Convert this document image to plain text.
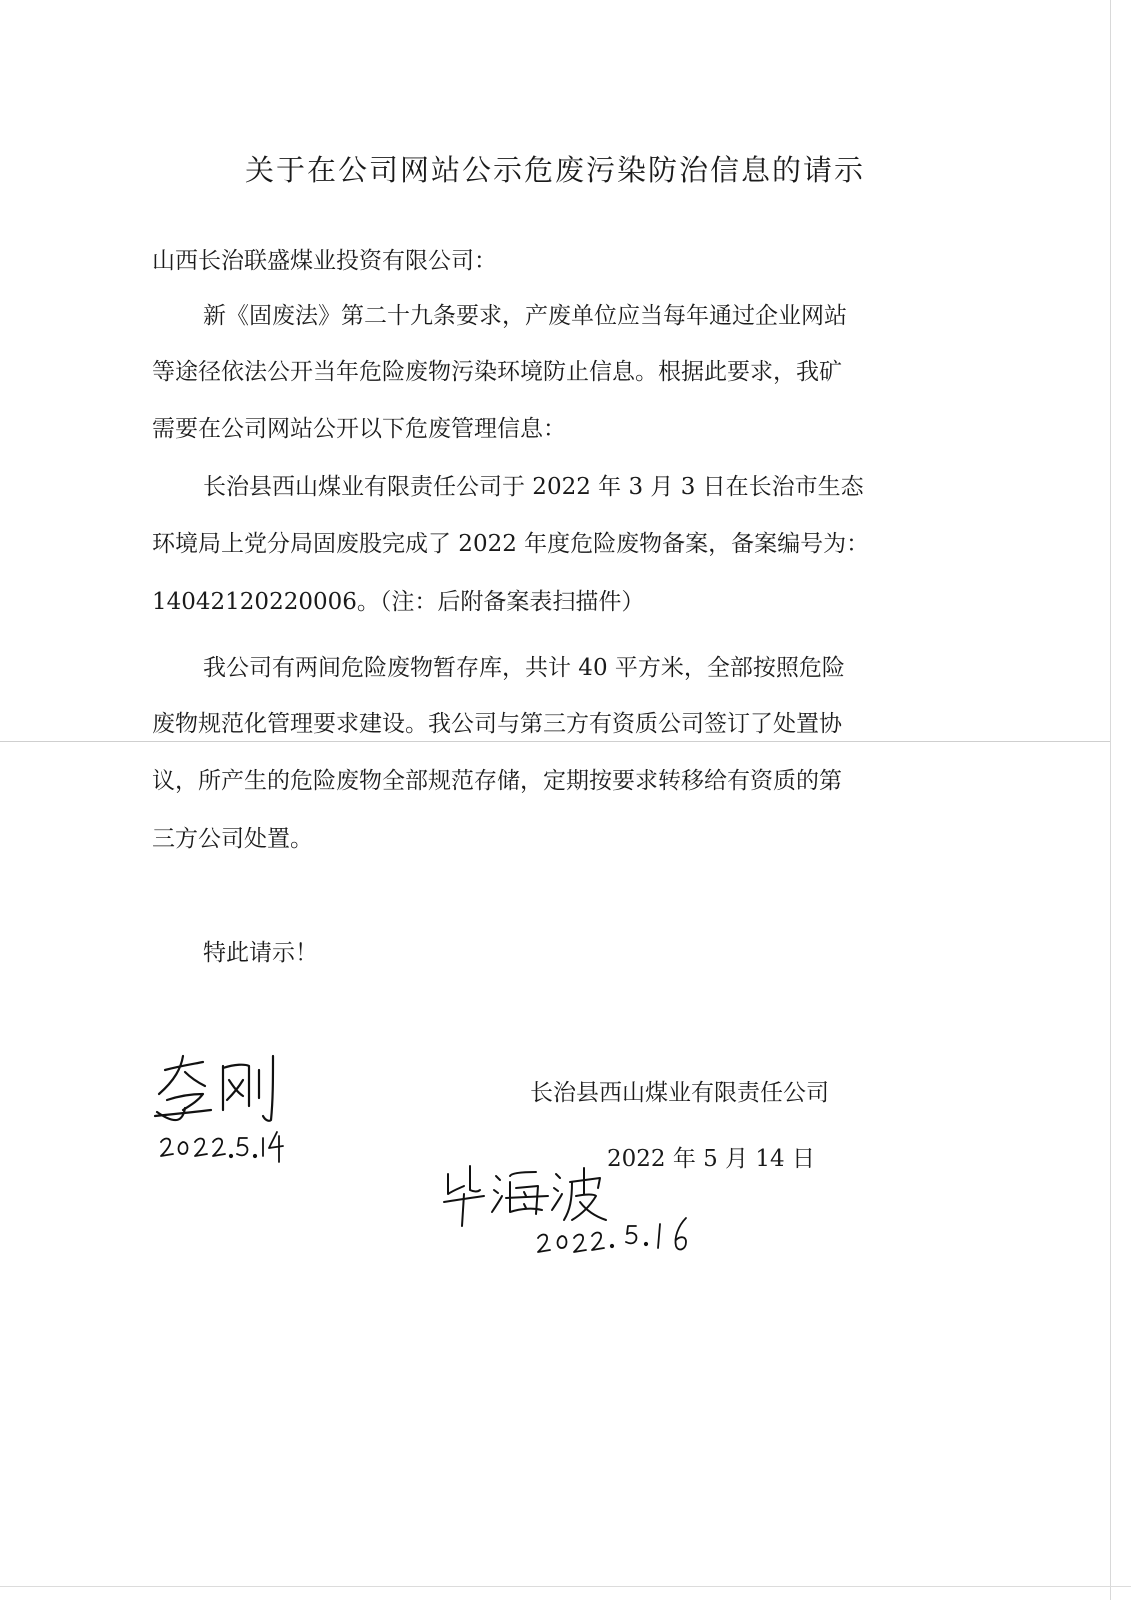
关于在公司网站公示危废污染防治信息的请示
山西长治联盛煤业投资有限公司：
新《固废法》第二十九条要求，产废单位应当每年通过企业网站
等途径依法公开当年危险废物污染环境防止信息。根据此要求，我矿
需要在公司网站公开以下危废管理信息：
长治县西山煤业有限责任公司于 2022 年 3 月 3 日在长治市生态
环境局上党分局固废股完成了 2022 年度危险废物备案，备案编号为：
14042120220006。（注：后附备案表扫描件）
我公司有两间危险废物暂存库，共计 40 平方米，全部按照危险
废物规范化管理要求建设。我公司与第三方有资质公司签订了处置协
议，所产生的危险废物全部规范存储，定期按要求转移给有资质的第
三方公司处置。
特此请示！
长治县西山煤业有限责任公司
2022 年 5 月 14 日
